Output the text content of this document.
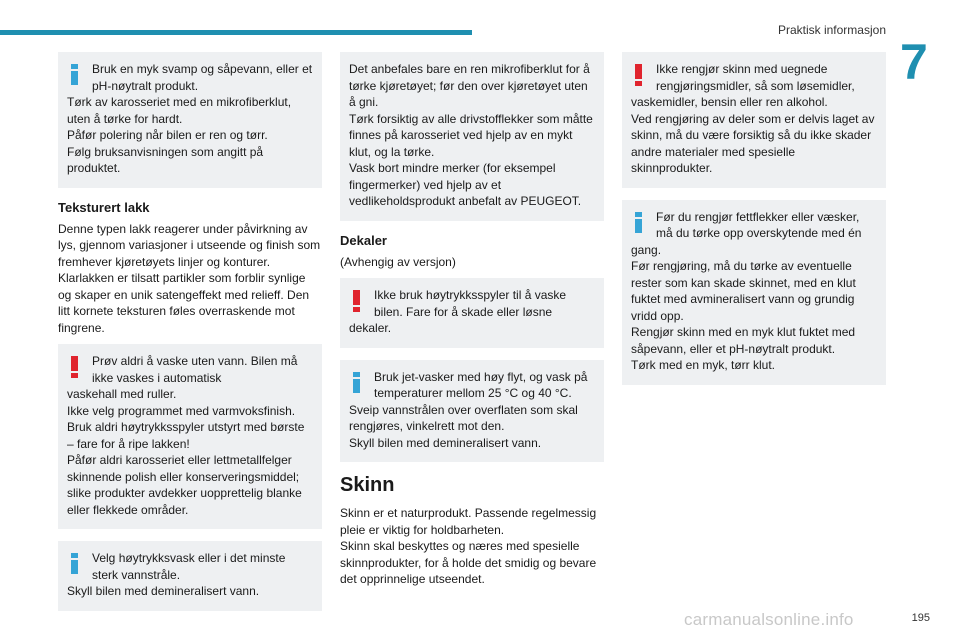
Praktisk informasjon
7

Bruk en myk svamp og såpevann, eller et pH-nøytralt produkt.

Tørk av karosseriet med en mikrofiberklut, uten å tørke for hardt.

Påfør polering når bilen er ren og tørr.

Følg bruksanvisningen som angitt på produktet.

Teksturert lakk

Denne typen lakk reagerer under påvirkning av lys, gjennom variasjoner i utseende og finish som fremhever kjøretøyets linjer og konturer. Klarlakken er tilsatt partikler som forblir synlige og skaper en unik satengeffekt med relieff. Den litt kornete teksturen føles overraskende mot fingrene.

Prøv aldri å vaske uten vann. Bilen må ikke vaskes i automatisk

vaskehall med ruller.

Ikke velg programmet med varmvoksfinish.

Bruk aldri høytrykksspyler utstyrt med børste – fare for å ripe lakken!

Påfør aldri karosseriet eller lettmetallfelger skinnende polish eller konserveringsmiddel; slike produkter avdekker uopprettelig blanke eller flekkede områder.

Velg høytrykksvask eller i det minste sterk vannstråle.

Skyll bilen med demineralisert vann.

Det anbefales bare en ren mikrofiberklut for å tørke kjøretøyet; før den over kjøretøyet uten å gni.

Tørk forsiktig av alle drivstofflekker som måtte finnes på karosseriet ved hjelp av en mykt klut, og la tørke.

Vask bort mindre merker (for eksempel fingermerker) ved hjelp av et vedlikeholdsprodukt anbefalt av PEUGEOT.

Dekaler

(Avhengig av versjon)

Ikke bruk høytrykksspyler til å vaske bilen. Fare for å skade eller løsne

dekaler.

Bruk jet-vasker med høy flyt, og vask på temperaturer mellom 25 °C og 40 °C.

Sveip vannstrålen over overflaten som skal rengjøres, vinkelrett mot den.

Skyll bilen med demineralisert vann.

Skinn

Skinn er et naturprodukt. Passende regelmessig pleie er viktig for holdbarheten.

Skinn skal beskyttes og næres med spesielle skinnprodukter, for å holde det smidig og bevare det opprinnelige utseendet.

Ikke rengjør skinn med uegnede rengjøringsmidler, så som løsemidler,

vaskemidler, bensin eller ren alkohol.

Ved rengjøring av deler som er delvis laget av skinn, må du være forsiktig så du ikke skader andre materialer med spesielle skinnprodukter.

Før du rengjør fettflekker eller væsker, må du tørke opp overskytende med én

gang.

Før rengjøring, må du tørke av eventuelle rester som kan skade skinnet, med en klut fuktet med avmineralisert vann og grundig vridd opp.

Rengjør skinn med en myk klut fuktet med såpevann, eller et pH-nøytralt produkt.

Tørk med en myk, tørr klut.

195
carmanualsonline.info
